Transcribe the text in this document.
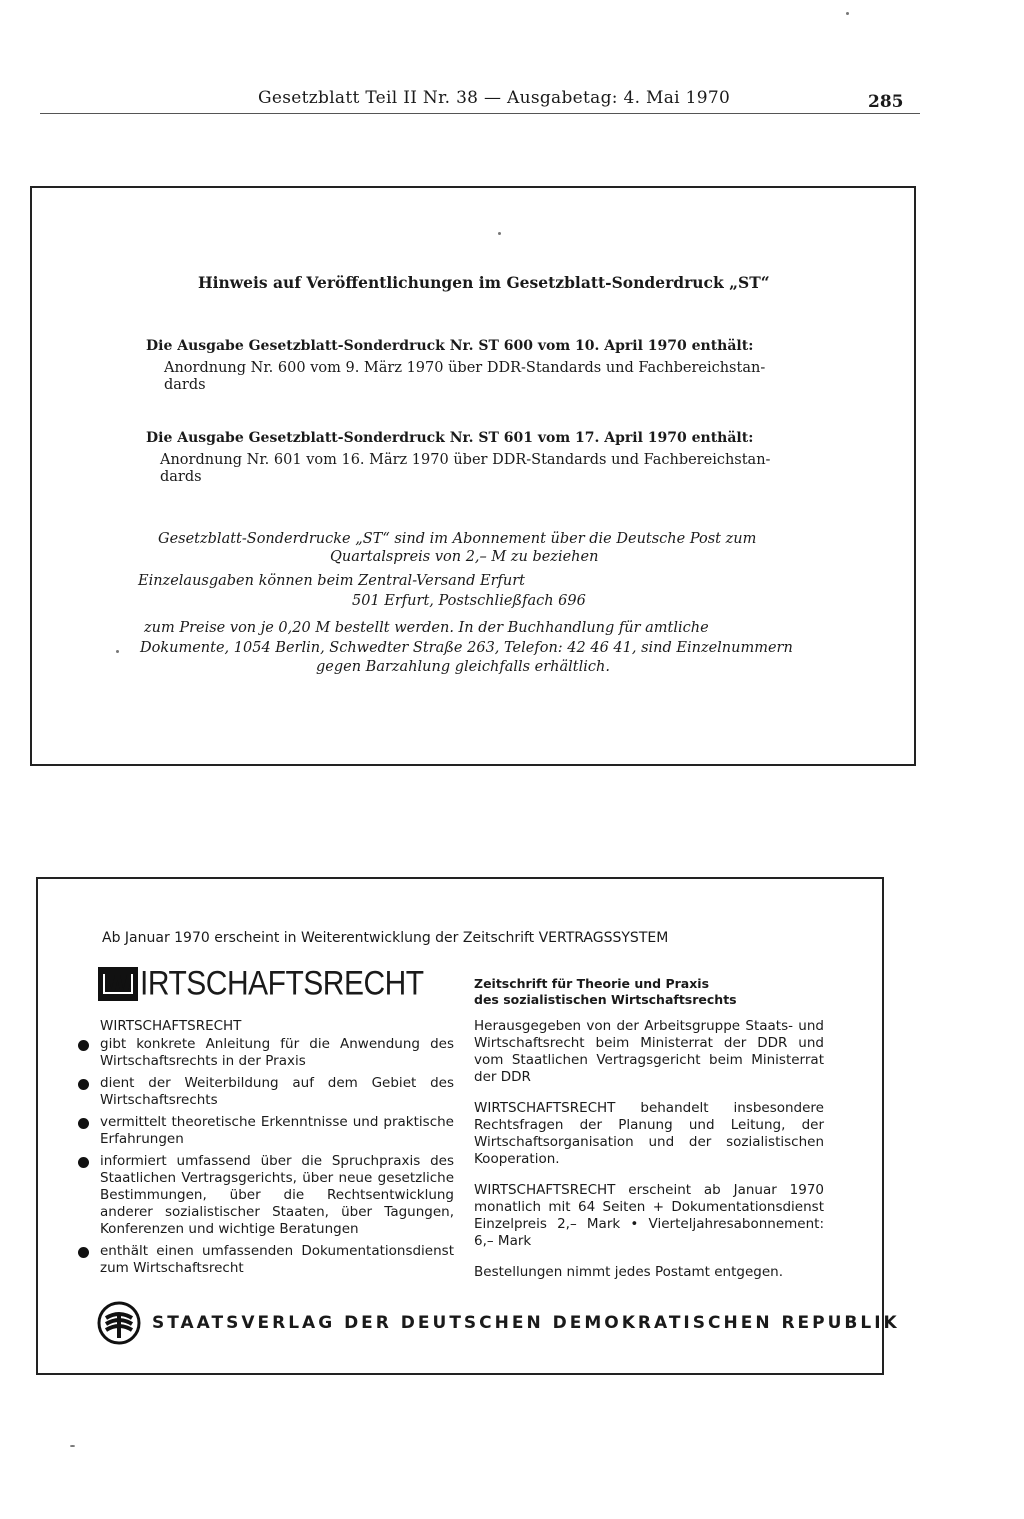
Gesetzblatt Teil II Nr. 38 — Ausgabetag: 4. Mai 1970	285
Hinweis auf Veröffentlichungen im Gesetzblatt-Sonderdruck „ST“
Die Ausgabe Gesetzblatt-Sonderdruck Nr. ST 600 vom 10. April 1970 enthält:
Anordnung Nr. 600 vom 9. März 1970 über DDR-Standards und Fachbereichstan-
dards
Die Ausgabe Gesetzblatt-Sonderdruck Nr. ST 601 vom 17. April 1970 enthält:
Anordnung Nr. 601 vom 16. März 1970 über DDR-Standards und Fachbereichstan-
dards
Gesetzblatt-Sonderdrucke „ST“ sind im Abonnement über die Deutsche Post zum
Quartalspreis von 2,– M zu beziehen
Einzelausgaben können beim Zentral-Versand Erfurt
501 Erfurt, Postschließfach 696
zum Preise von je 0,20 M bestellt werden. In der Buchhandlung für amtliche
Dokumente, 1054 Berlin, Schwedter Straße 263, Telefon: 42 46 41, sind Einzelnummern
gegen Barzahlung gleichfalls erhältlich.
Ab Januar 1970 erscheint in Weiterentwicklung der Zeitschrift VERTRAGSSYSTEM
W IRTSCHAFTSRECHT	Zeitschrift für Theorie und Praxis
des sozialistischen Wirtschaftsrechts
WIRTSCHAFTSRECHT
gibt konkrete Anleitung für die Anwendung des Wirtschaftsrechts in der Praxis
dient der Weiterbildung auf dem Gebiet des Wirtschaftsrechts
vermittelt theoretische Erkenntnisse und praktische Erfahrungen
informiert umfassend über die Spruchpraxis des Staatlichen Vertragsgerichts, über neue gesetzliche Bestimmungen, über die Rechtsentwicklung anderer sozialistischer Staaten, über Tagungen, Konferenzen und wichtige Beratungen
enthält einen umfassenden Dokumentationsdienst zum Wirtschaftsrecht

Herausgegeben von der Arbeitsgruppe Staats- und Wirtschaftsrecht beim Ministerrat der DDR und vom Staatlichen Vertragsgericht beim Ministerrat der DDR

WIRTSCHAFTSRECHT behandelt insbesondere Rechtsfragen der Planung und Leitung, der Wirtschaftsorganisation und der sozialistischen Kooperation.

WIRTSCHAFTSRECHT erscheint ab Januar 1970 monatlich mit 64 Seiten + Dokumentationsdienst Einzelpreis 2,– Mark • Vierteljahresabonnement: 6,– Mark

Bestellungen nimmt jedes Postamt entgegen.

STAATSVERLAG DER DEUTSCHEN DEMOKRATISCHEN REPUBLIK
